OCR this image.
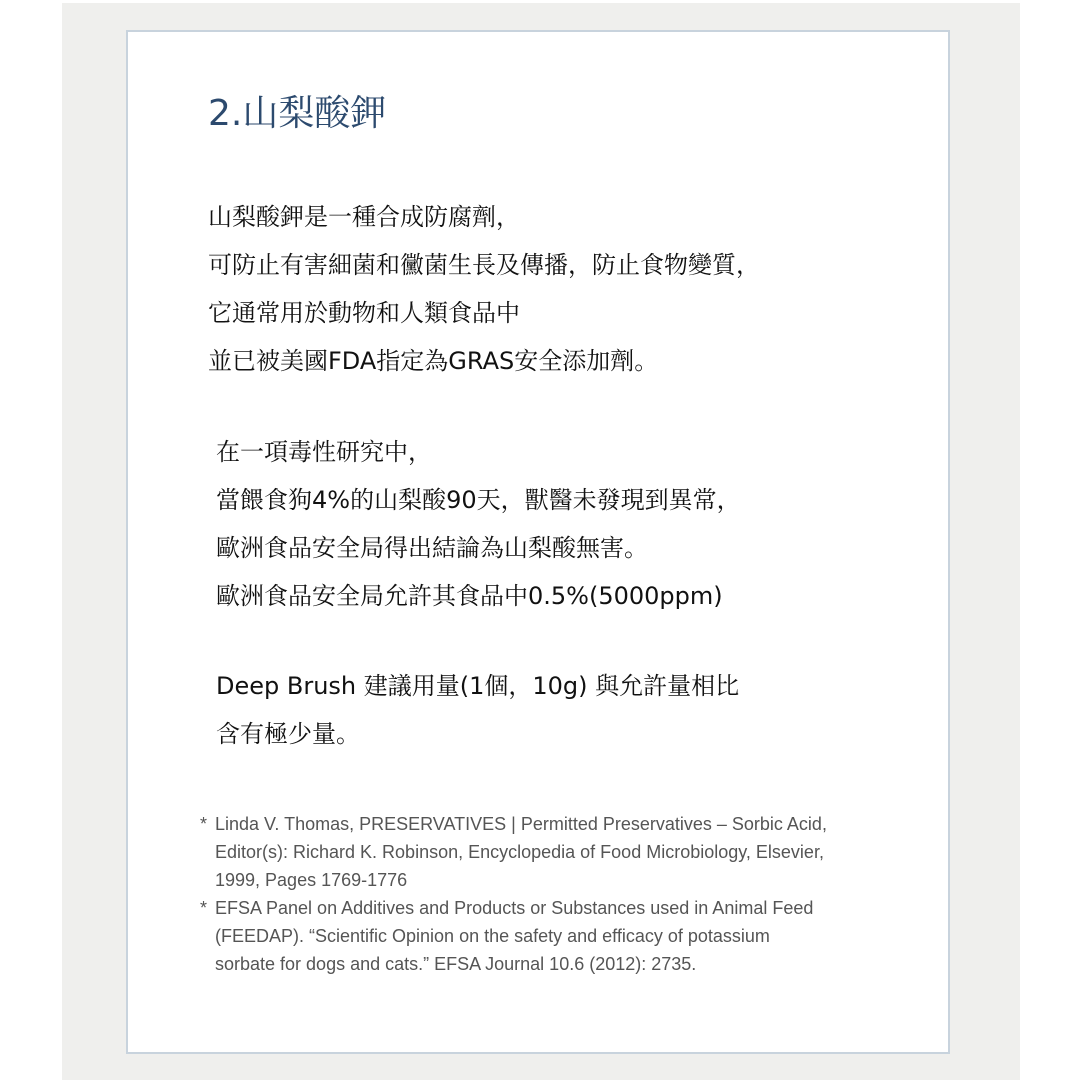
2.山梨酸鉀
山梨酸鉀是一種合成防腐劑，
可防止有害細菌和黴菌生長及傳播，防止食物變質，
它通常用於動物和人類食品中
並已被美國FDA指定為GRAS安全添加劑。
在一項毒性研究中，
當餵食狗4%的山梨酸90天，獸醫未發現到異常，
歐洲食品安全局得出結論為山梨酸無害。
歐洲食品安全局允許其食品中0.5%(5000ppm)
Deep Brush 建議用量(1個，10g) 與允許量相比
含有極少量。
* Linda V. Thomas, PRESERVATIVES | Permitted Preservatives – Sorbic Acid,
Editor(s): Richard K. Robinson, Encyclopedia of Food Microbiology, Elsevier,
1999, Pages 1769-1776
* EFSA Panel on Additives and Products or Substances used in Animal Feed
(FEEDAP). “Scientific Opinion on the safety and efficacy of potassium
sorbate for dogs and cats.” EFSA Journal 10.6 (2012): 2735.
